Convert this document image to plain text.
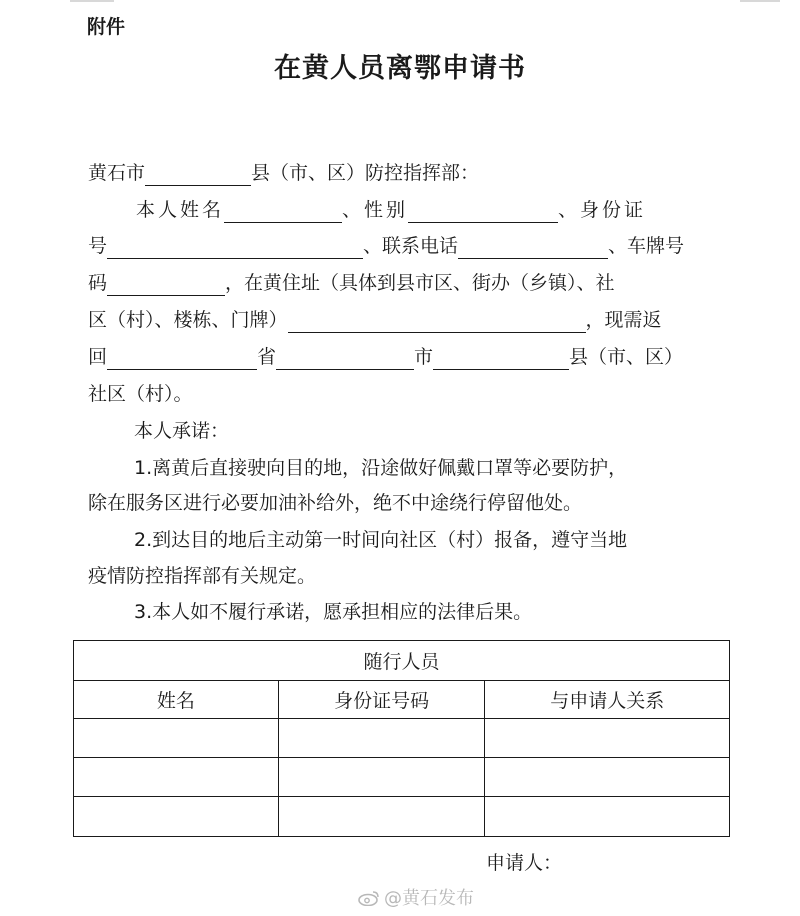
附件
在黄人员离鄂申请书
黄石市	县（市、区）防控指挥部：
本人姓名	、性别	、身份证
号	、联系电话	、车牌号
码	，在黄住址（具体到县市区、街办（乡镇）、社
区（村）、楼栋、门牌）	，现需返
回	省	市	县（市、区）
社区（村）。
本人承诺：
1.离黄后直接驶向目的地，沿途做好佩戴口罩等必要防护，
除在服务区进行必要加油补给外，绝不中途绕行停留他处。
2.到达目的地后主动第一时间向社区（村）报备，遵守当地
疫情防控指挥部有关规定。
3.本人如不履行承诺，愿承担相应的法律后果。
随行人员		
姓名	身份证号码	与申请人关系

申请人：
@黄石发布
